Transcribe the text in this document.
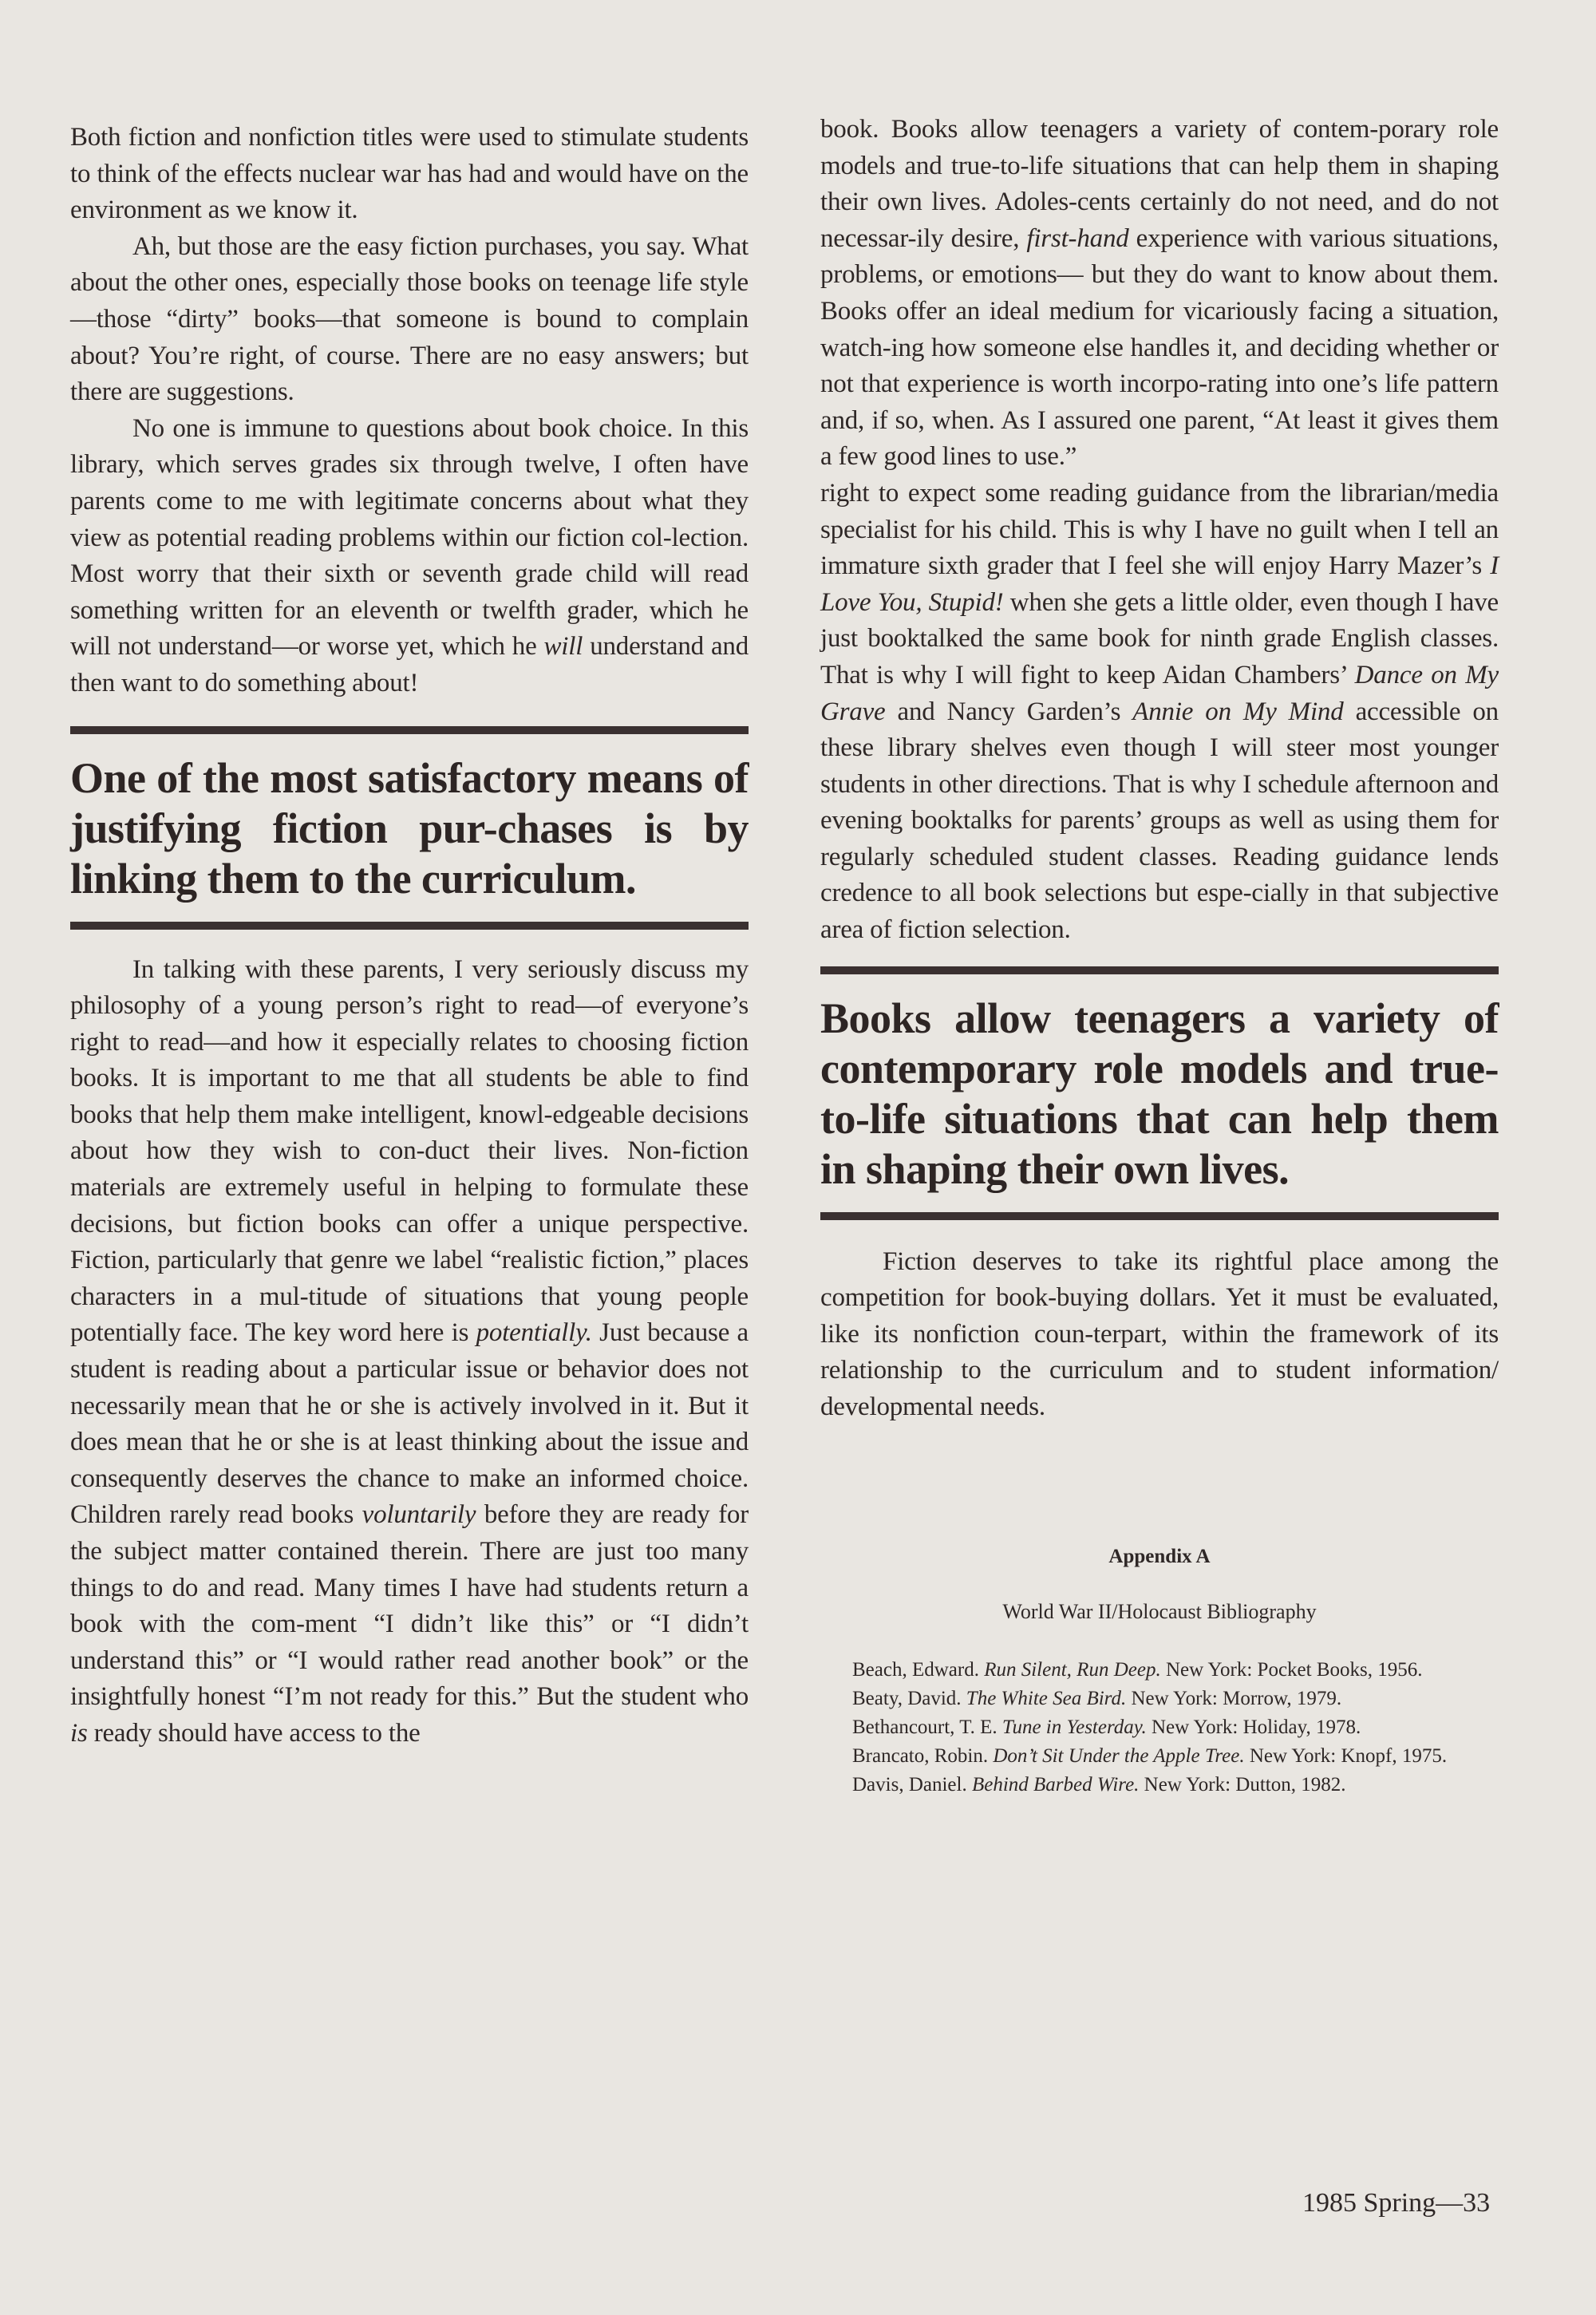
Both fiction and nonfiction titles were used to stimulate students to think of the effects nuclear war has had and would have on the environment as we know it.

Ah, but those are the easy fiction purchases, you say. What about the other ones, especially those books on teenage life style—those “dirty” books—that someone is bound to complain about? You’re right, of course. There are no easy answers; but there are suggestions.

No one is immune to questions about book choice. In this library, which serves grades six through twelve, I often have parents come to me with legitimate concerns about what they view as potential reading problems within our fiction col-lection. Most worry that their sixth or seventh grade child will read something written for an eleventh or twelfth grader, which he will not understand—or worse yet, which he will understand and then want to do something about!

One of the most satisfactory means of justifying fiction pur-chases is by linking them to the curriculum.

In talking with these parents, I very seriously discuss my philosophy of a young person’s right to read—of everyone’s right to read—and how it especially relates to choosing fiction books. It is important to me that all students be able to find books that help them make intelligent, knowl-edgeable decisions about how they wish to con-duct their lives. Non-fiction materials are extremely useful in helping to formulate these decisions, but fiction books can offer a unique perspective. Fiction, particularly that genre we label “realistic fiction,” places characters in a mul-titude of situations that young people potentially face. The key word here is potentially. Just because a student is reading about a particular issue or behavior does not necessarily mean that he or she is actively involved in it. But it does mean that he or she is at least thinking about the issue and consequently deserves the chance to make an informed choice. Children rarely read books voluntarily before they are ready for the subject matter contained therein. There are just too many things to do and read. Many times I have had students return a book with the com-ment “I didn’t like this” or “I didn’t understand this” or “I would rather read another book” or the insightfully honest “I’m not ready for this.” But the student who is ready should have access to the

book. Books allow teenagers a variety of contem-porary role models and true-to-life situations that can help them in shaping their own lives. Adoles-cents certainly do not need, and do not necessar-ily desire, first-hand experience with various situations, problems, or emotions— but they do want to know about them. Books offer an ideal medium for vicariously facing a situation, watch-ing how someone else handles it, and deciding whether or not that experience is worth incorpo-rating into one’s life pattern and, if so, when. As I assured one parent, “At least it gives them a few good lines to use.”

right to expect some reading guidance from the librarian/media specialist for his child. This is why I have no guilt when I tell an immature sixth grader that I feel she will enjoy Harry Mazer’s I Love You, Stupid! when she gets a little older, even though I have just booktalked the same book for ninth grade English classes. That is why I will fight to keep Aidan Chambers’ Dance on My Grave and Nancy Garden’s Annie on My Mind accessible on these library shelves even though I will steer most younger students in other directions. That is why I schedule afternoon and evening booktalks for parents’ groups as well as using them for regularly scheduled student classes. Reading guidance lends credence to all book selections but espe-cially in that subjective area of fiction selection.

Books allow teenagers a variety of contemporary role models and true-to-life situations that can help them in shaping their own lives.

Fiction deserves to take its rightful place among the competition for book-buying dollars. Yet it must be evaluated, like its nonfiction coun-terpart, within the framework of its relationship to the curriculum and to student information/ developmental needs.

Appendix A

World War II/Holocaust Bibliography

Beach, Edward. Run Silent, Run Deep. New York: Pocket Books, 1956.
Beaty, David. The White Sea Bird. New York: Morrow, 1979.
Bethancourt, T. E. Tune in Yesterday. New York: Holiday, 1978.
Brancato, Robin. Don’t Sit Under the Apple Tree. New York: Knopf, 1975.
Davis, Daniel. Behind Barbed Wire. New York: Dutton, 1982.
1985 Spring—33
